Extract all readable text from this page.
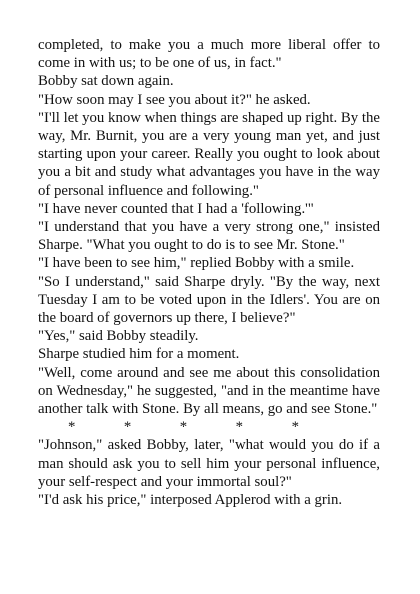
completed, to make you a much more liberal offer to come in with us; to be one of us, in fact."

Bobby sat down again.

"How soon may I see you about it?" he asked.

"I'll let you know when things are shaped up right. By the way, Mr. Burnit, you are a very young man yet, and just starting upon your career. Really you ought to look about you a bit and study what advantages you have in the way of personal influence and following."

"I have never counted that I had a 'following.'"

"I understand that you have a very strong one," insisted Sharpe. "What you ought to do is to see Mr. Stone."

"I have been to see him," replied Bobby with a smile.

"So I understand," said Sharpe dryly. "By the way, next Tuesday I am to be voted upon in the Idlers'. You are on the board of governors up there, I believe?"

"Yes," said Bobby steadily.

Sharpe studied him for a moment.

"Well, come around and see me about this consolidation on Wednesday," he suggested, "and in the meantime have another talk with Stone. By all means, go and see Stone."

*     *     *     *     *

"Johnson," asked Bobby, later, "what would you do if a man should ask you to sell him your personal influence, your self-respect and your immortal soul?"

"I'd ask his price," interposed Applerod with a grin.
